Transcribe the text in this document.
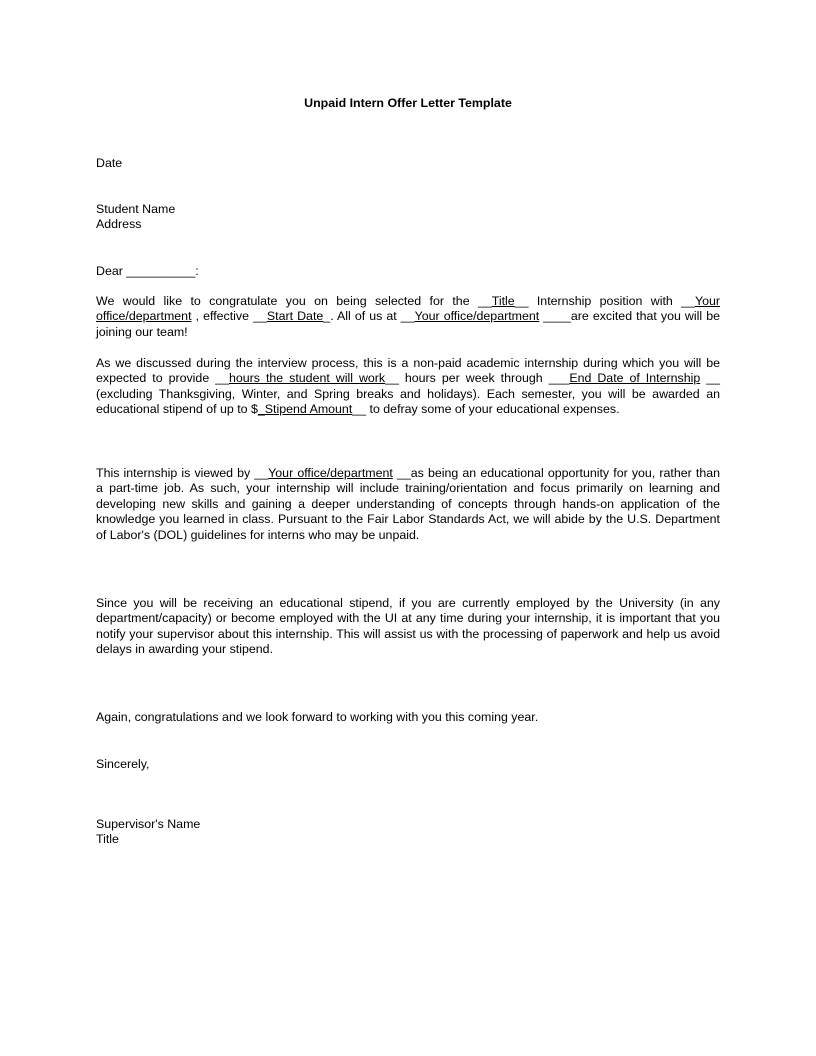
Unpaid Intern Offer Letter Template
Date
Student Name
Address
Dear __________:
We would like to congratulate you on being selected for the __Title__ Internship position with __Your office/department , effective __Start Date_. All of us at __Your office/department ____are excited that you will be joining our team!
As we discussed during the interview process, this is a non-paid academic internship during which you will be expected to provide __hours the student will work__ hours per week through ___End Date of Internship __ (excluding Thanksgiving, Winter, and Spring breaks and holidays). Each semester, you will be awarded an educational stipend of up to $_Stipend Amount__ to defray some of your educational expenses.
This internship is viewed by __Your office/department __as being an educational opportunity for you, rather than a part-time job. As such, your internship will include training/orientation and focus primarily on learning and developing new skills and gaining a deeper understanding of concepts through hands-on application of the knowledge you learned in class. Pursuant to the Fair Labor Standards Act, we will abide by the U.S. Department of Labor's (DOL) guidelines for interns who may be unpaid.
Since you will be receiving an educational stipend, if you are currently employed by the University (in any department/capacity) or become employed with the UI at any time during your internship, it is important that you notify your supervisor about this internship. This will assist us with the processing of paperwork and help us avoid delays in awarding your stipend.
Again, congratulations and we look forward to working with you this coming year.
Sincerely,
Supervisor's Name
Title
